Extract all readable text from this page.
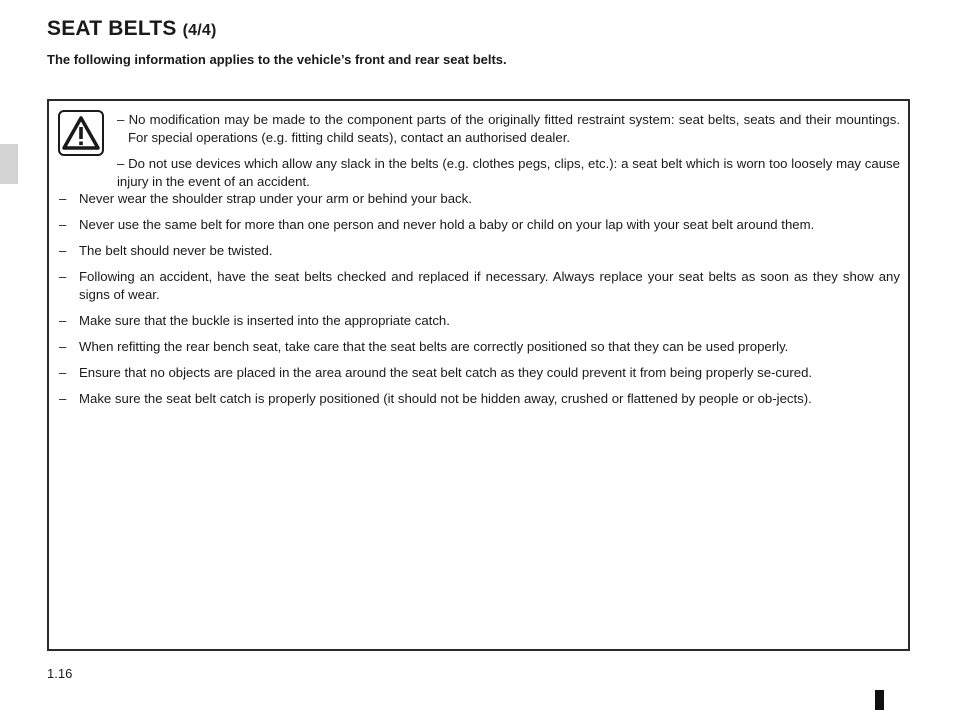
SEAT BELTS (4/4)

The following information applies to the vehicle’s front and rear seat belts.

– No modification may be made to the component parts of the originally fitted restraint system: seat belts, seats and their mountings. For special operations (e.g. fitting child seats), contact an authorised dealer.

– Do not use devices which allow any slack in the belts (e.g. clothes pegs, clips, etc.): a seat belt which is worn too loosely may cause injury in the event of an accident.

– Never wear the shoulder strap under your arm or behind your back.
– Never use the same belt for more than one person and never hold a baby or child on your lap with your seat belt around them.
– The belt should never be twisted.
– Following an accident, have the seat belts checked and replaced if necessary. Always replace your seat belts as soon as they show any signs of wear.
– Make sure that the buckle is inserted into the appropriate catch.
– When refitting the rear bench seat, take care that the seat belts are correctly positioned so that they can be used properly.
– Ensure that no objects are placed in the area around the seat belt catch as they could prevent it from being properly se-cured.
– Make sure the seat belt catch is properly positioned (it should not be hidden away, crushed or flattened by people or ob-jects).
1.16
